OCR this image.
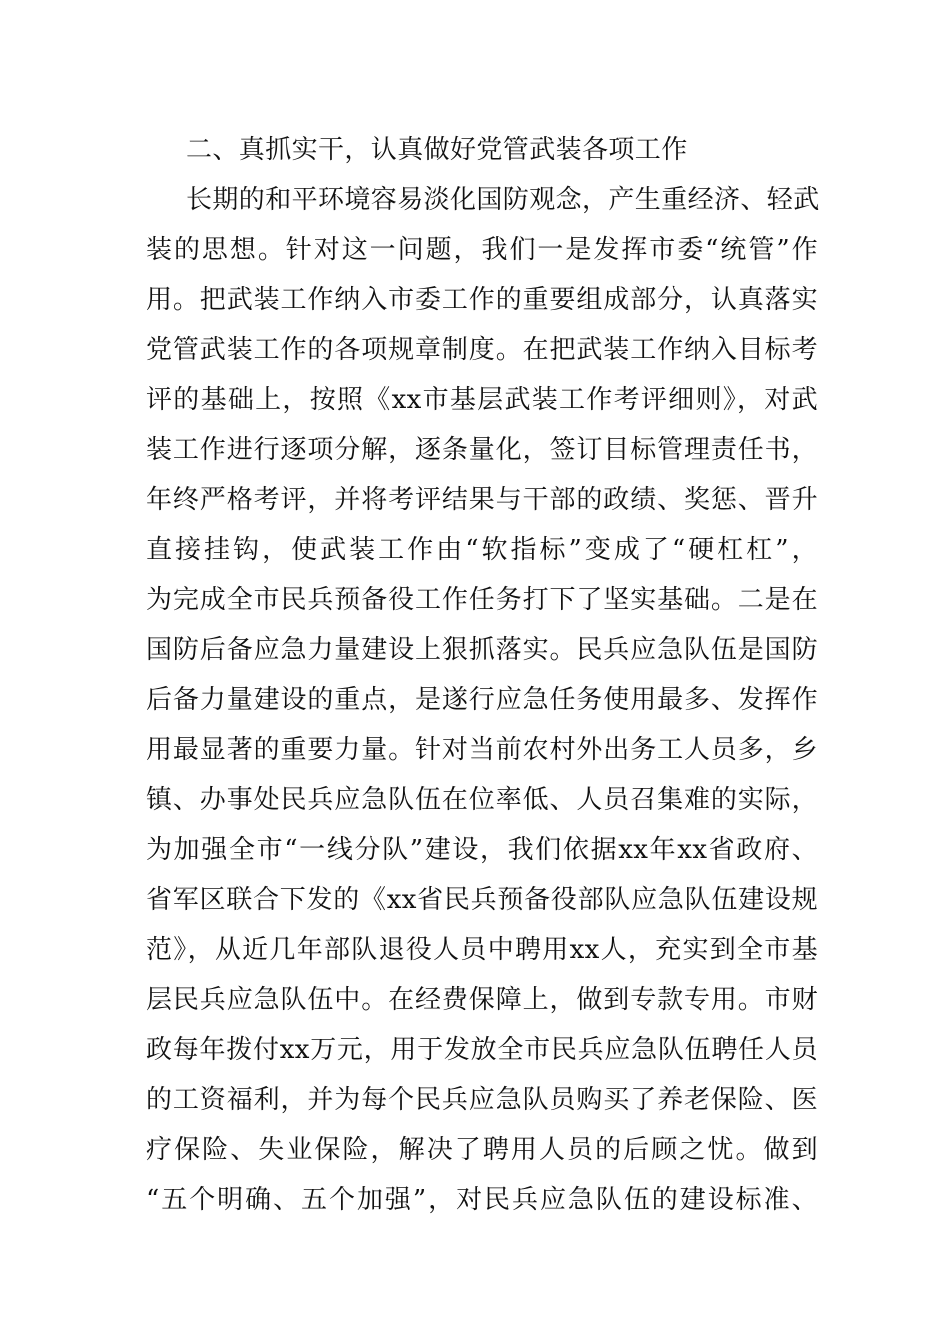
二、真抓实干，认真做好党管武装各项工作

长期的和平环境容易淡化国防观念，产生重经济、轻武

装的思想。针对这一问题，我们一是发挥市委“统管”作

用。把武装工作纳入市委工作的重要组成部分，认真落实

党管武装工作的各项规章制度。在把武装工作纳入目标考

评的基础上，按照《xx市基层武装工作考评细则》，对武

装工作进行逐项分解，逐条量化，签订目标管理责任书，

年终严格考评，并将考评结果与干部的政绩、奖惩、晋升

直接挂钩，使武装工作由“软指标”变成了“硬杠杠”，

为完成全市民兵预备役工作任务打下了坚实基础。二是在

国防后备应急力量建设上狠抓落实。民兵应急队伍是国防

后备力量建设的重点，是遂行应急任务使用最多、发挥作

用最显著的重要力量。针对当前农村外出务工人员多，乡

镇、办事处民兵应急队伍在位率低、人员召集难的实际，

为加强全市“一线分队”建设，我们依据xx年xx省政府、

省军区联合下发的《xx省民兵预备役部队应急队伍建设规

范》，从近几年部队退役人员中聘用xx人，充实到全市基

层民兵应急队伍中。在经费保障上，做到专款专用。市财

政每年拨付xx万元，用于发放全市民兵应急队伍聘任人员

的工资福利，并为每个民兵应急队员购买了养老保险、医

疗保险、失业保险，解决了聘用人员的后顾之忧。做到

“五个明确、五个加强”，对民兵应急队伍的建设标准、
